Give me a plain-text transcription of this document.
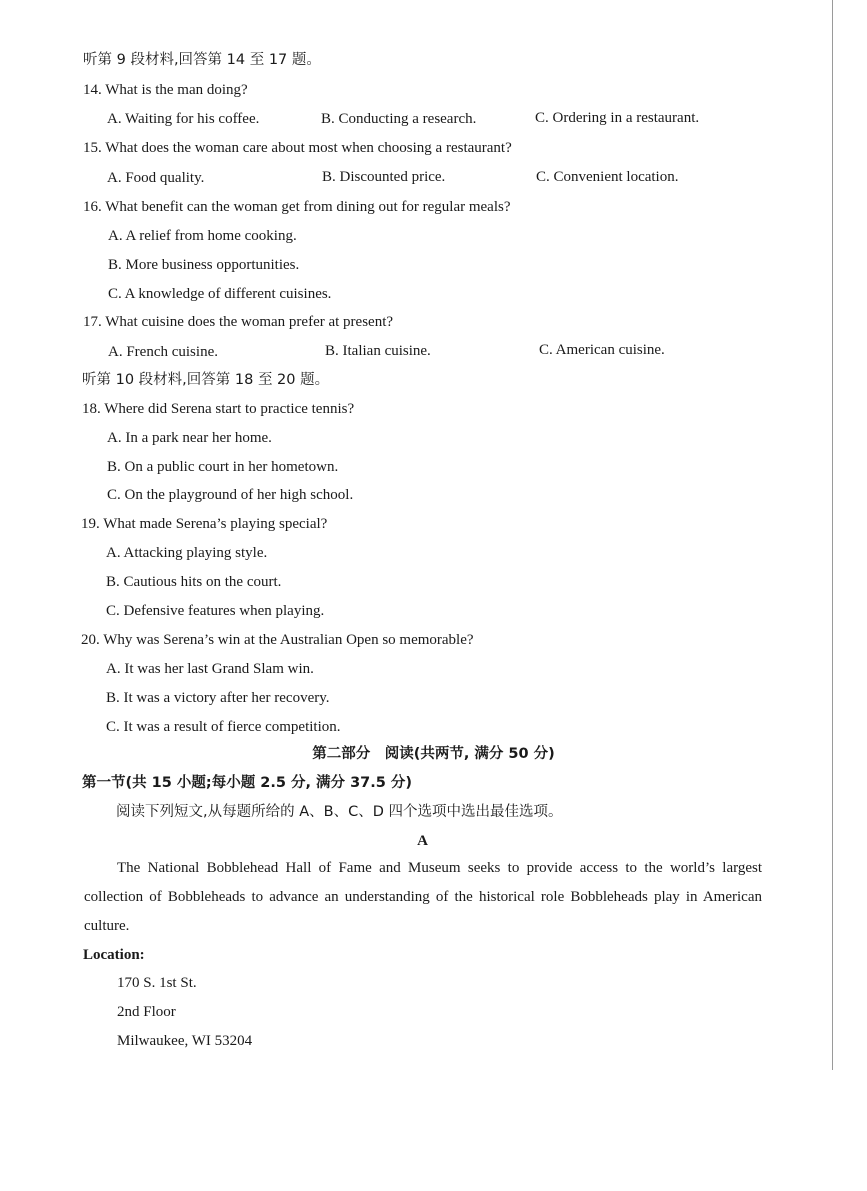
听第 9 段材料,回答第 14 至 17 题。
14. What is the man doing?
A. Waiting for his coffee.	B. Conducting a research.	C. Ordering in a restaurant.
15. What does the woman care about most when choosing a restaurant?
A. Food quality.	B. Discounted price.	C. Convenient location.
16. What benefit can the woman get from dining out for regular meals?
A. A relief from home cooking.
B. More business opportunities.
C. A knowledge of different cuisines.
17. What cuisine does the woman prefer at present?
A. French cuisine.	B. Italian cuisine.	C. American cuisine.
听第 10 段材料,回答第 18 至 20 题。
18. Where did Serena start to practice tennis?
A. In a park near her home.
B. On a public court in her hometown.
C. On the playground of her high school.
19. What made Serena’s playing special?
A. Attacking playing style.
B. Cautious hits on the court.
C. Defensive features when playing.
20. Why was Serena’s win at the Australian Open so memorable?
A. It was her last Grand Slam win.
B. It was a victory after her recovery.
C. It was a result of fierce competition.
第二部分　阅读(共两节, 满分 50 分)
第一节(共 15 小题;每小题 2.5 分, 满分 37.5 分)
阅读下列短文,从每题所给的 A、B、C、D 四个选项中选出最佳选项。
A
The National Bobblehead Hall of Fame and Museum seeks to provide access to the world’s largest collection of Bobbleheads to advance an understanding of the historical role Bobbleheads play in American culture.
Location:
170 S. 1st St.
2nd Floor
Milwaukee, WI 53204
